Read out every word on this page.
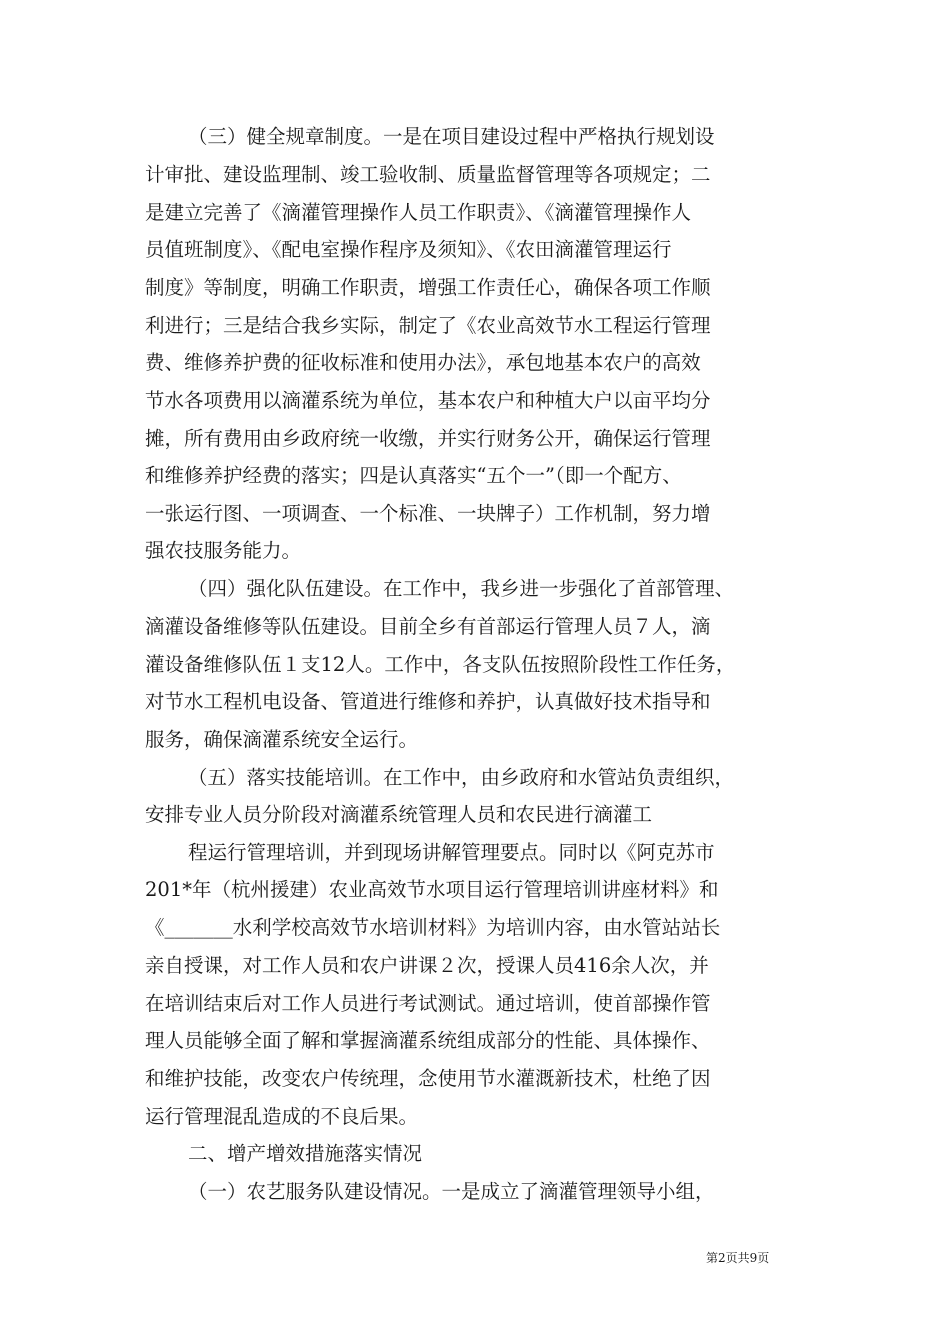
（三）健全规章制度。一是在项目建设过程中严格执行规划设
计审批、建设监理制、竣工验收制、质量监督管理等各项规定；二
是建立完善了《滴灌管理操作人员工作职责》、《滴灌管理操作人
员值班制度》、《配电室操作程序及须知》、《农田滴灌管理运行
制度》等制度，明确工作职责，增强工作责任心，确保各项工作顺
利进行；三是结合我乡实际，制定了《农业高效节水工程运行管理
费、维修养护费的征收标准和使用办法》，承包地基本农户的高效
节水各项费用以滴灌系统为单位，基本农户和种植大户以亩平均分
摊，所有费用由乡政府统一收缴，并实行财务公开，确保运行管理
和维修养护经费的落实；四是认真落实“五个一”（即一个配方、
一张运行图、一项调查、一个标准、一块牌子）工作机制，努力增
强农技服务能力。
（四）强化队伍建设。在工作中，我乡进一步强化了首部管理、
滴灌设备维修等队伍建设。目前全乡有首部运行管理人员７人，滴
灌设备维修队伍１支12人。工作中，各支队伍按照阶段性工作任务，
对节水工程机电设备、管道进行维修和养护，认真做好技术指导和
服务，确保滴灌系统安全运行。
（五）落实技能培训。在工作中，由乡政府和水管站负责组织，
安排专业人员分阶段对滴灌系统管理人员和农民进行滴灌工
程运行管理培训，并到现场讲解管理要点。同时以《阿克苏市
201*年（杭州援建）农业高效节水项目运行管理培训讲座材料》和
《_______水利学校高效节水培训材料》为培训内容，由水管站站长
亲自授课，对工作人员和农户讲课２次，授课人员416余人次，并
在培训结束后对工作人员进行考试测试。通过培训，使首部操作管
理人员能够全面了解和掌握滴灌系统组成部分的性能、具体操作、
和维护技能，改变农户传统理，念使用节水灌溉新技术，杜绝了因
运行管理混乱造成的不良后果。
二、增产增效措施落实情况
（一）农艺服务队建设情况。一是成立了滴灌管理领导小组，
第2页共9页
